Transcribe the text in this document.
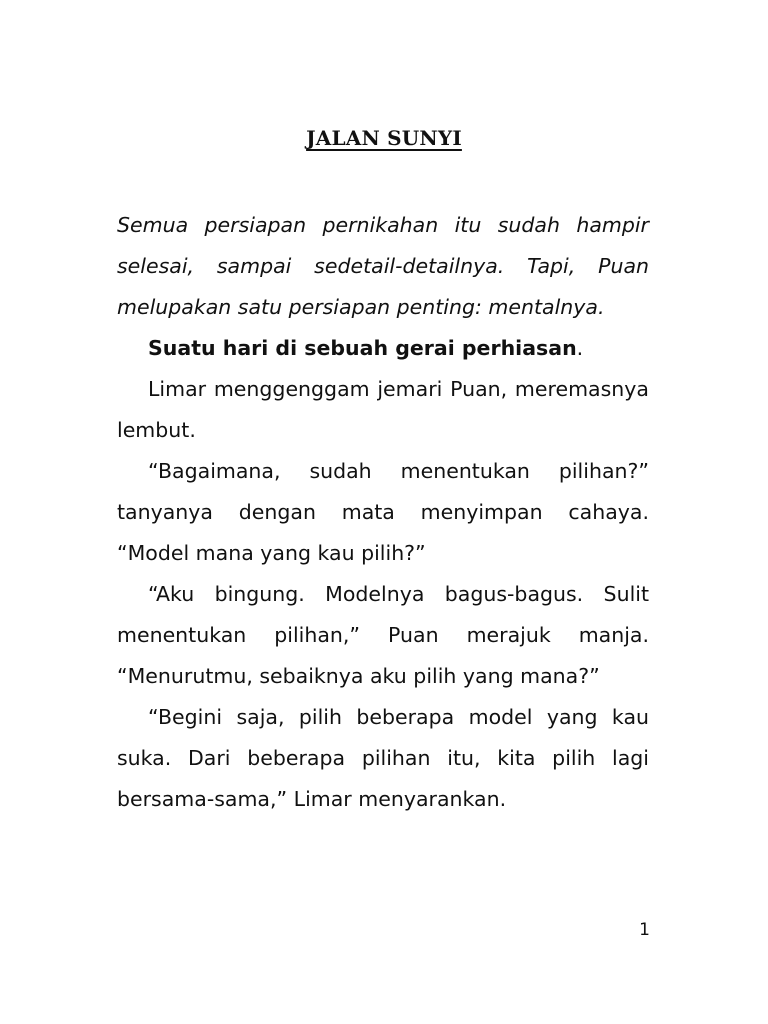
JALAN SUNYI

Semua persiapan pernikahan itu sudah hampir selesai, sampai sedetail-detailnya. Tapi, Puan melupakan satu persiapan penting: mentalnya.

Suatu hari di sebuah gerai perhiasan.

Limar menggenggam jemari Puan, meremasnya lembut.

“Bagaimana, sudah menentukan pilihan?” tanyanya dengan mata menyimpan cahaya. “Model mana yang kau pilih?”

“Aku bingung. Modelnya bagus-bagus. Sulit menentukan pilihan,” Puan merajuk manja. “Menurutmu, sebaiknya aku pilih yang mana?”

“Begini saja, pilih beberapa model yang kau suka. Dari beberapa pilihan itu, kita pilih lagi bersama-sama,” Limar menyarankan.

1
